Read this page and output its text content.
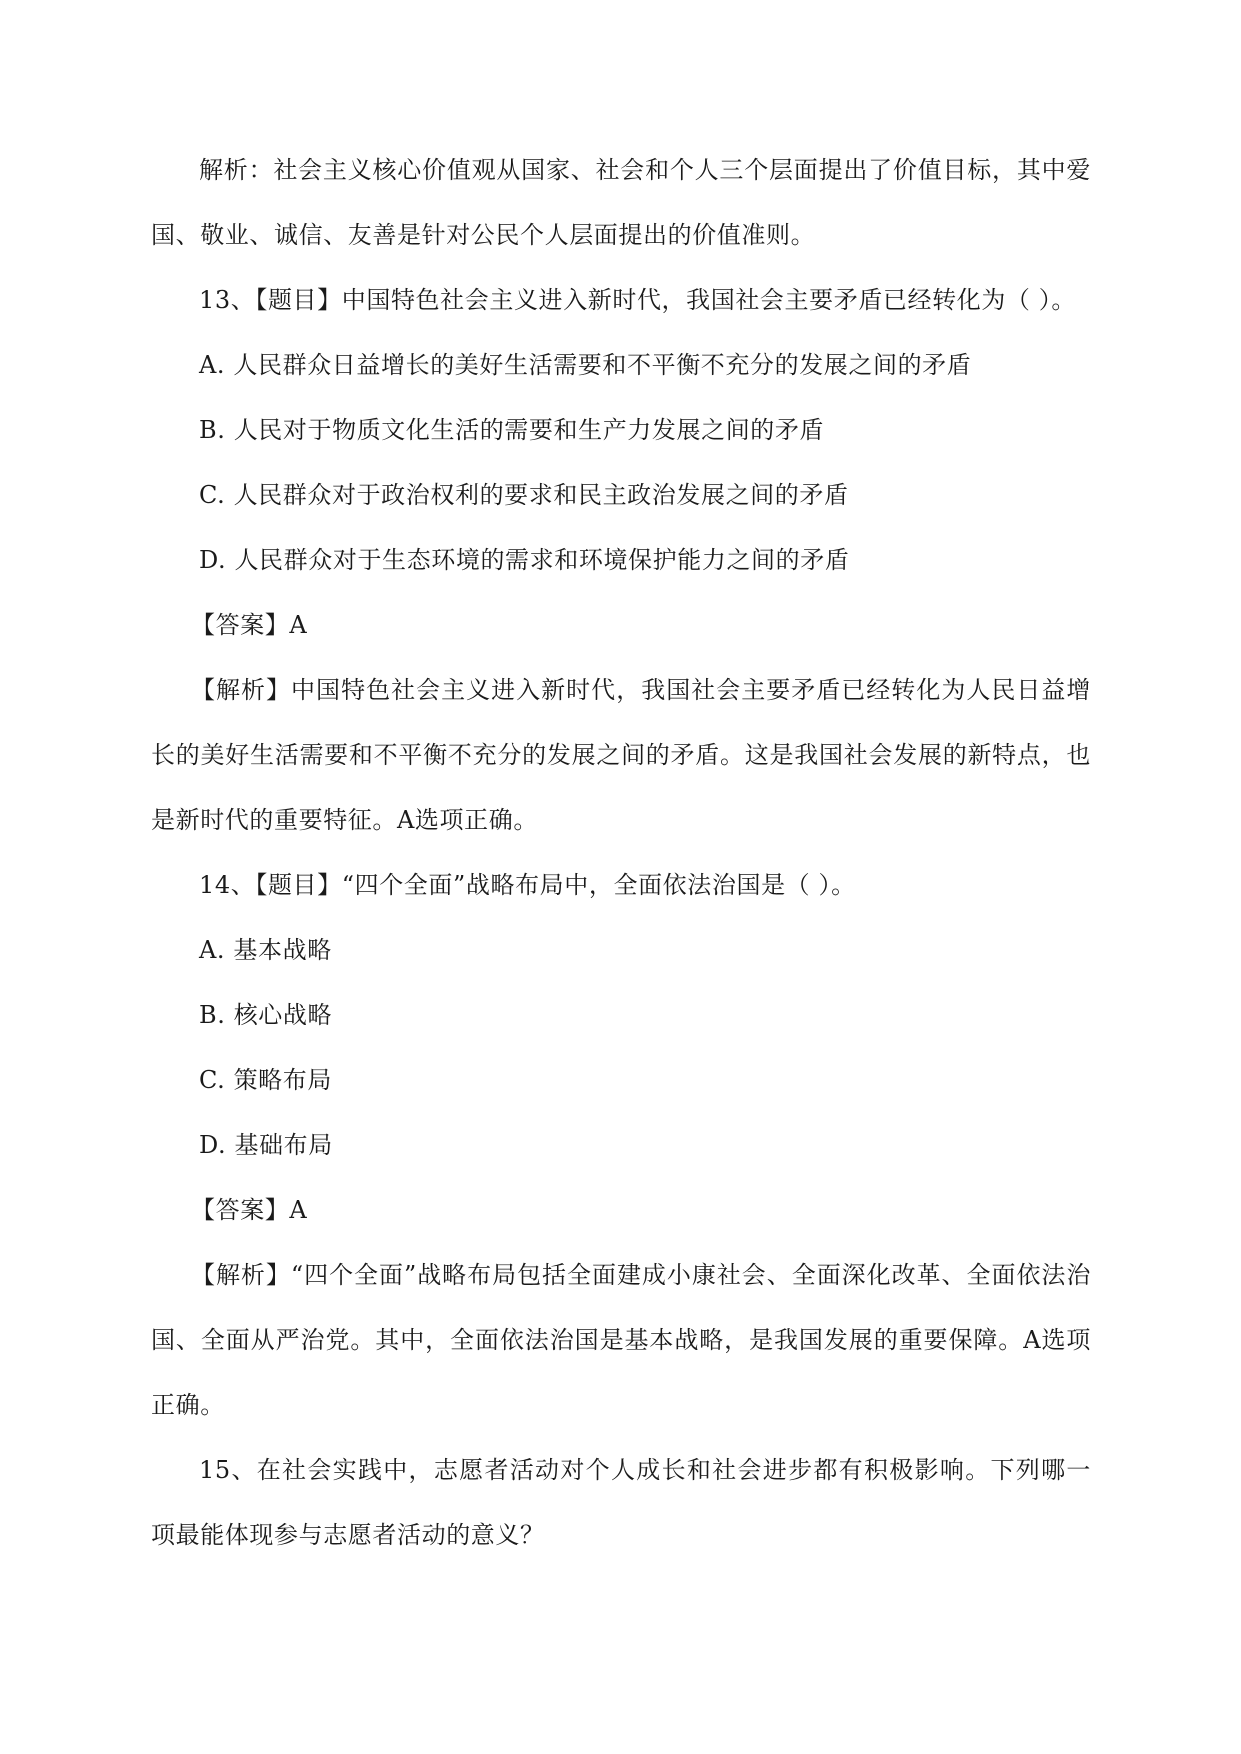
解析：社会主义核心价值观从国家、社会和个人三个层面提出了价值目标，其中爱国、敬业、诚信、友善是针对公民个人层面提出的价值准则。

13、【题目】中国特色社会主义进入新时代，我国社会主要矛盾已经转化为（ ）。

A. 人民群众日益增长的美好生活需要和不平衡不充分的发展之间的矛盾

B. 人民对于物质文化生活的需要和生产力发展之间的矛盾

C. 人民群众对于政治权利的要求和民主政治发展之间的矛盾

D. 人民群众对于生态环境的需求和环境保护能力之间的矛盾

【答案】A

【解析】中国特色社会主义进入新时代，我国社会主要矛盾已经转化为人民日益增长的美好生活需要和不平衡不充分的发展之间的矛盾。这是我国社会发展的新特点，也是新时代的重要特征。A选项正确。

14、【题目】“四个全面”战略布局中，全面依法治国是（ ）。

A. 基本战略

B. 核心战略

C. 策略布局

D. 基础布局

【答案】A

【解析】“四个全面”战略布局包括全面建成小康社会、全面深化改革、全面依法治国、全面从严治党。其中，全面依法治国是基本战略，是我国发展的重要保障。A选项正确。

15、在社会实践中，志愿者活动对个人成长和社会进步都有积极影响。下列哪一项最能体现参与志愿者活动的意义？
